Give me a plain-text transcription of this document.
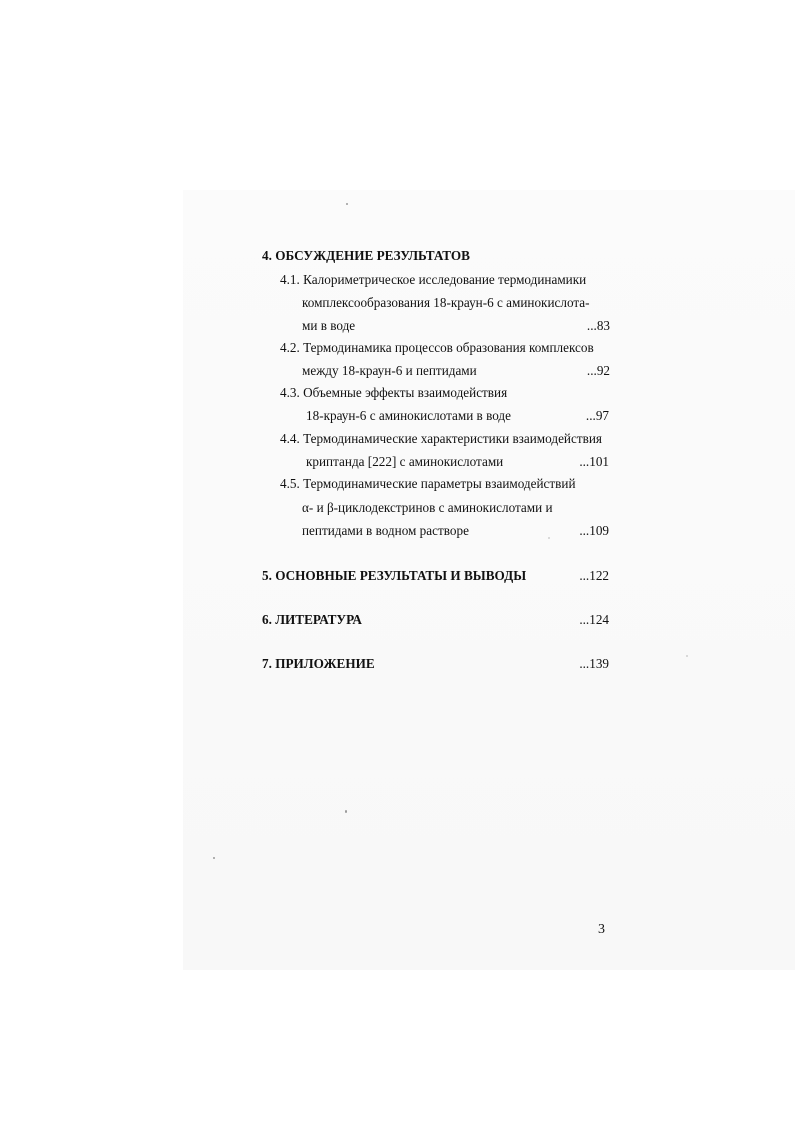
4. ОБСУЖДЕНИЕ РЕЗУЛЬТАТОВ
4.1. Калориметрическое исследование термодинамики
комплексообразования 18-краун-6 с аминокислота-
ми в воде	...83
4.2. Термодинамика процессов образования комплексов
между 18-краун-6 и пептидами	...92
4.3. Объемные эффекты взаимодействия
18-краун-6 с аминокислотами в воде	...97
4.4. Термодинамические характеристики взаимодействия
криптанда [222] с аминокислотами	...101
4.5. Термодинамические параметры взаимодействий
α- и β-циклодекстринов с аминокислотами и
пептидами в водном растворе	...109
5. ОСНОВНЫЕ РЕЗУЛЬТАТЫ И ВЫВОДЫ	...122
6. ЛИТЕРАТУРА	...124
7. ПРИЛОЖЕНИЕ	...139
3
